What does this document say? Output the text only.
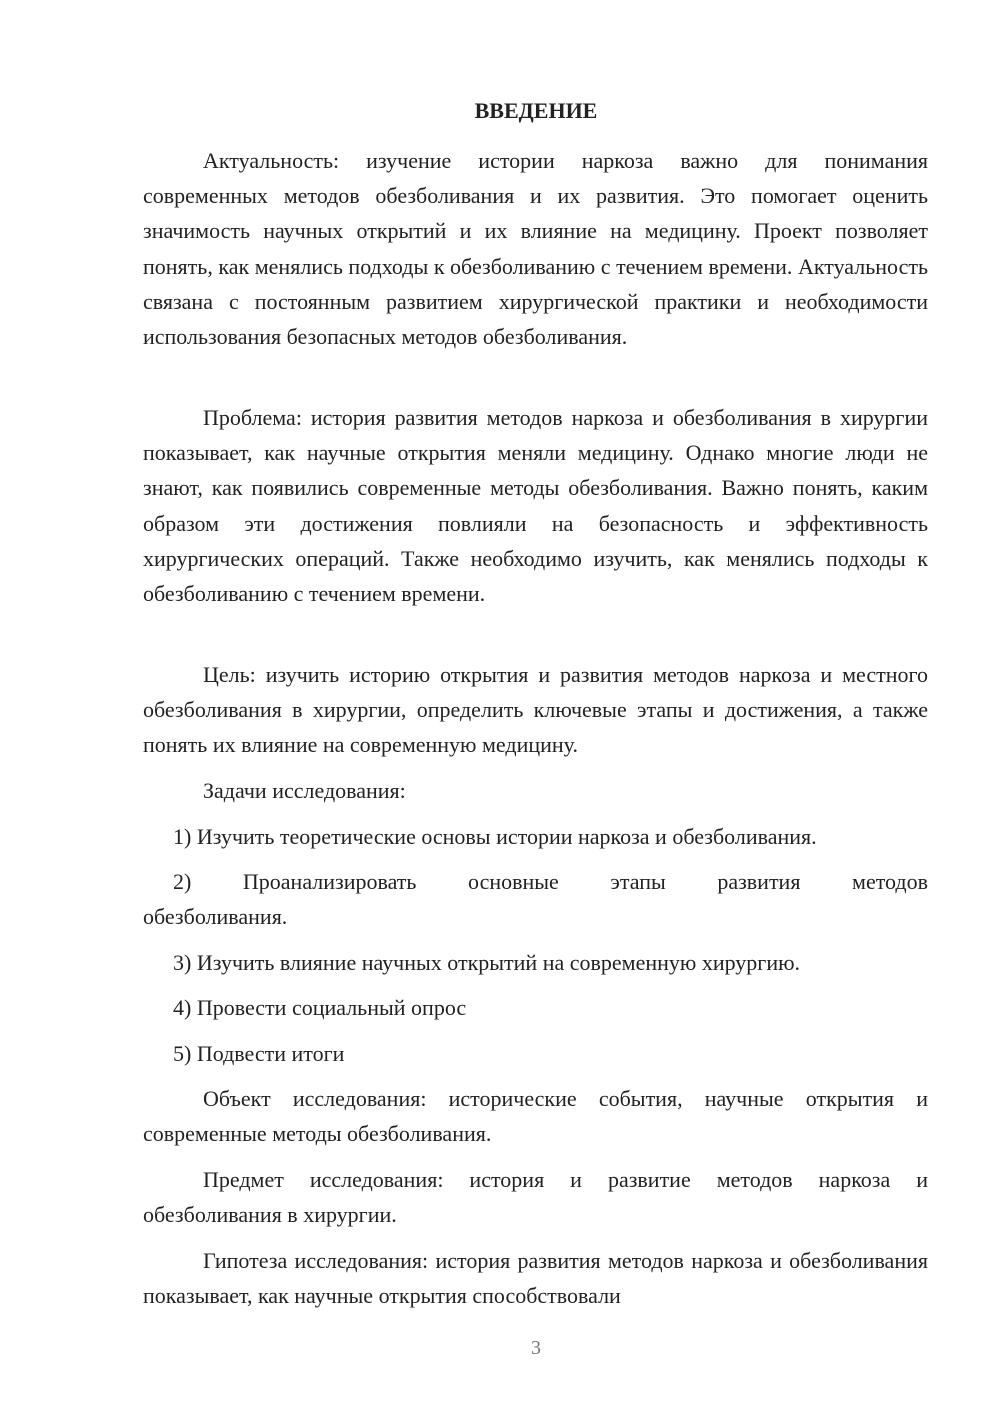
ВВЕДЕНИЕ

Актуальность: изучение истории наркоза важно для понимания современных методов обезболивания и их развития. Это помогает оценить значимость научных открытий и их влияние на медицину. Проект позволяет понять, как менялись подходы к обезболиванию с течением времени. Актуальность связана с постоянным развитием хирургической практики и необходимости использования безопасных методов обезболивания.

Проблема: история развития методов наркоза и обезболивания в хирургии показывает, как научные открытия меняли медицину. Однако многие люди не знают, как появились современные методы обезболивания. Важно понять, каким образом эти достижения повлияли на безопасность и эффективность хирургических операций. Также необходимо изучить, как менялись подходы к обезболиванию с течением времени.

Цель: изучить историю открытия и развития методов наркоза и местного обезболивания в хирургии, определить ключевые этапы и достижения, а также понять их влияние на современную медицину.

Задачи исследования:

1) Изучить теоретические основы истории наркоза и обезболивания.

2) Проанализировать основные этапы развития методов
обезболивания.

3) Изучить влияние научных открытий на современную хирургию.

4) Провести социальный опрос

5) Подвести итоги

Объект исследования: исторические события, научные открытия и современные методы обезболивания.

Предмет исследования: история и развитие методов наркоза и обезболивания в хирургии.

Гипотеза исследования: история развития методов наркоза и обезболивания показывает, как научные открытия способствовали

3
